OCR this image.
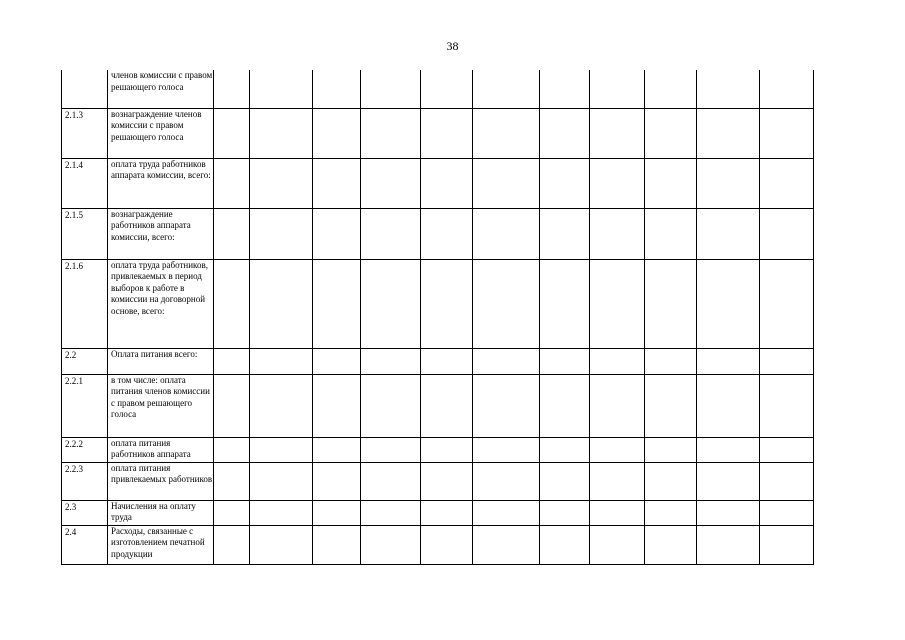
38
	членов комиссии с правом решающего голоса											
2.1.3	вознаграждение членов комиссии с правом решающего голоса											
2.1.4	оплата труда работников аппарата комиссии, всего:											
2.1.5	вознаграждение работников аппарата комиссии, всего:											
2.1.6	оплата труда работников, привлекаемых в период выборов к работе в комиссии на договорной основе, всего:											
2.2	Оплата питания всего:											
2.2.1	в том числе: оплата питания членов комиссии с правом решающего голоса											
2.2.2	оплата питания работников аппарата											
2.2.3	оплата питания привлекаемых работников											
2.3	Начисления на оплату труда											
2.4	Расходы, связанные с изготовлением печатной продукции											
